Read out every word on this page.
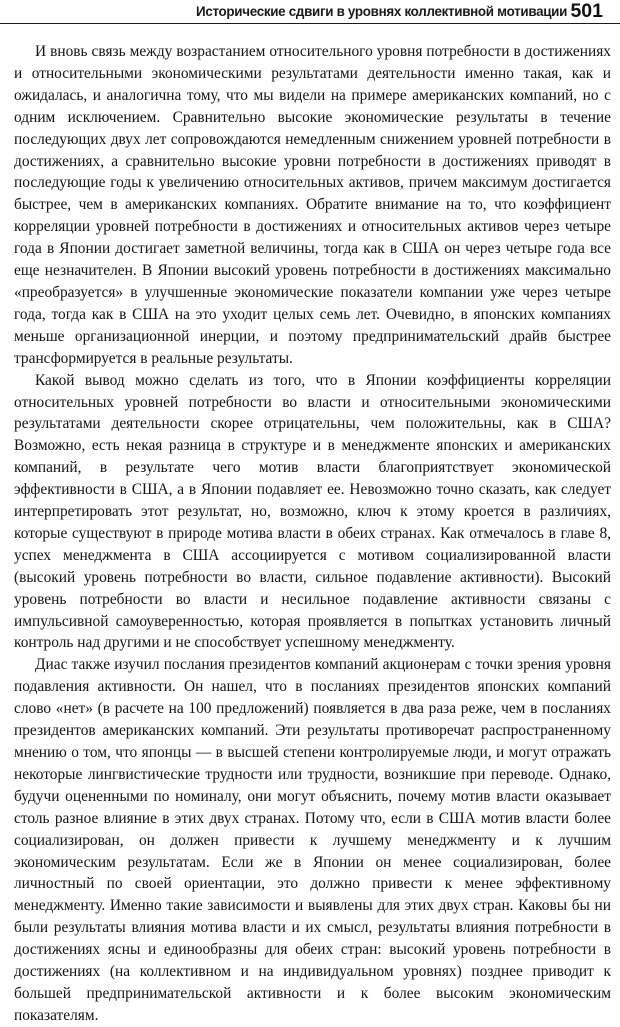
Исторические сдвиги в уровнях коллективной мотивации 501

И вновь связь между возрастанием относительного уровня потребности в достижениях и относительными экономическими результатами деятельности именно такая, как и ожидалась, и аналогична тому, что мы видели на примере американских компаний, но с одним исключением. Сравнительно высокие экономические результаты в течение последующих двух лет сопровождаются немедленным снижением уровней потребности в достижениях, а сравнительно высокие уровни потребности в достижениях приводят в последующие годы к увеличению относительных активов, причем максимум достигается быстрее, чем в американских компаниях. Обратите внимание на то, что коэффициент корреляции уровней потребности в достижениях и относительных активов через четыре года в Японии достигает заметной величины, тогда как в США он через четыре года все еще незначителен. В Японии высокий уровень потребности в достижениях максимально «преобразуется» в улучшенные экономические показатели компании уже через четыре года, тогда как в США на это уходит целых семь лет. Очевидно, в японских компаниях меньше организационной инерции, и поэтому предпринимательский драйв быстрее трансформируется в реальные результаты.

Какой вывод можно сделать из того, что в Японии коэффициенты корреляции относительных уровней потребности во власти и относительными экономическими результатами деятельности скорее отрицательны, чем положительны, как в США? Возможно, есть некая разница в структуре и в менеджменте японских и американских компаний, в результате чего мотив власти благоприятствует экономической эффективности в США, а в Японии подавляет ее. Невозможно точно сказать, как следует интерпретировать этот результат, но, возможно, ключ к этому кроется в различиях, которые существуют в природе мотива власти в обеих странах. Как отмечалось в главе 8, успех менеджмента в США ассоциируется с мотивом социализированной власти (высокий уровень потребности во власти, сильное подавление активности). Высокий уровень потребности во власти и несильное подавление активности связаны с импульсивной самоуверенностью, которая проявляется в попытках установить личный контроль над другими и не способствует успешному менеджменту.

Диас также изучил послания президентов компаний акционерам с точки зрения уровня подавления активности. Он нашел, что в посланиях президентов японских компаний слово «нет» (в расчете на 100 предложений) появляется в два раза реже, чем в посланиях президентов американских компаний. Эти результаты противоречат распространенному мнению о том, что японцы — в высшей степени контролируемые люди, и могут отражать некоторые лингвистические трудности или трудности, возникшие при переводе. Однако, будучи оцененными по номиналу, они могут объяснить, почему мотив власти оказывает столь разное влияние в этих двух странах. Потому что, если в США мотив власти более социализирован, он должен привести к лучшему менеджменту и к лучшим экономическим результатам. Если же в Японии он менее социализирован, более личностный по своей ориентации, это должно привести к менее эффективному менеджменту. Именно такие зависимости и выявлены для этих двух стран. Каковы бы ни были результаты влияния мотива власти и их смысл, результаты влияния потребности в достижениях ясны и единообразны для обеих стран: высокий уровень потребности в достижениях (на коллективном и на индивидуальном уровнях) позднее приводит к большей предпринимательской активности и к более высоким экономическим показателям.
